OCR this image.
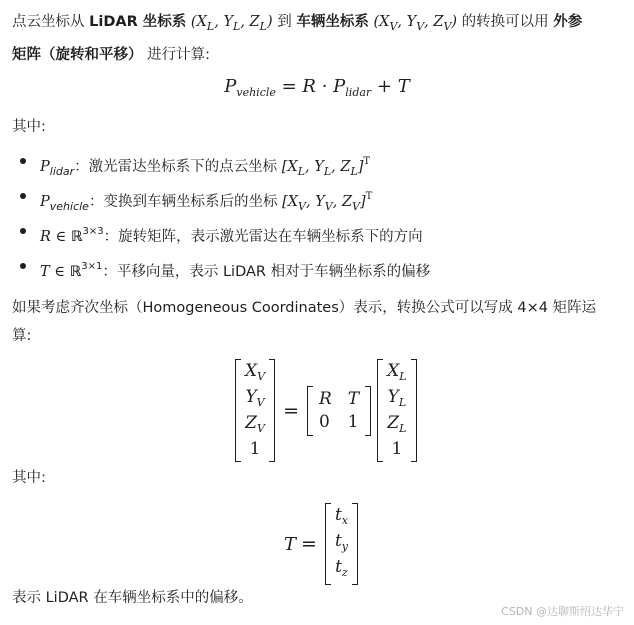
点云坐标从 LiDAR 坐标系 ($X_L$, $Y_L$, $Z_L$) 到 车辆坐标系 ($X_V$, $Y_V$, $Z_V$) 的转换可以用 外参
矩阵（旋转和平移） 进行计算:
$P_{vehicle} = R \cdot P_{lidar} + T$
其中:
$P_{lidar}$：激光雷达坐标系下的点云坐标 [$X_L$, $Y_L$, $Z_L]^T$
$P_{vehicle}$：变换到车辆坐标系后的坐标 [$X_V$, $Y_V$, $Z_V]^T$
R ∈ ℝ$^{3\times 3}$：旋转矩阵，表示激光雷达在车辆坐标系下的方向
T ∈ ℝ$^{3\times 1}$：平移向量，表示 LiDAR 相对于车辆坐标系的偏移
如果考虑齐次坐标（Homogeneous Coordinates）表示，转换公式可以写成 4×4 矩阵运
算:
$X_V$
$Y_V$
$Z_V$
1
=
R T
0 1
$X_L$
$Y_L$
$Z_L$
1
其中:
T =
$t_x$
$t_y$
$t_z$
表示 LiDAR 在车辆坐标系中的偏移。
CSDN @达聊斯绍达华宁
